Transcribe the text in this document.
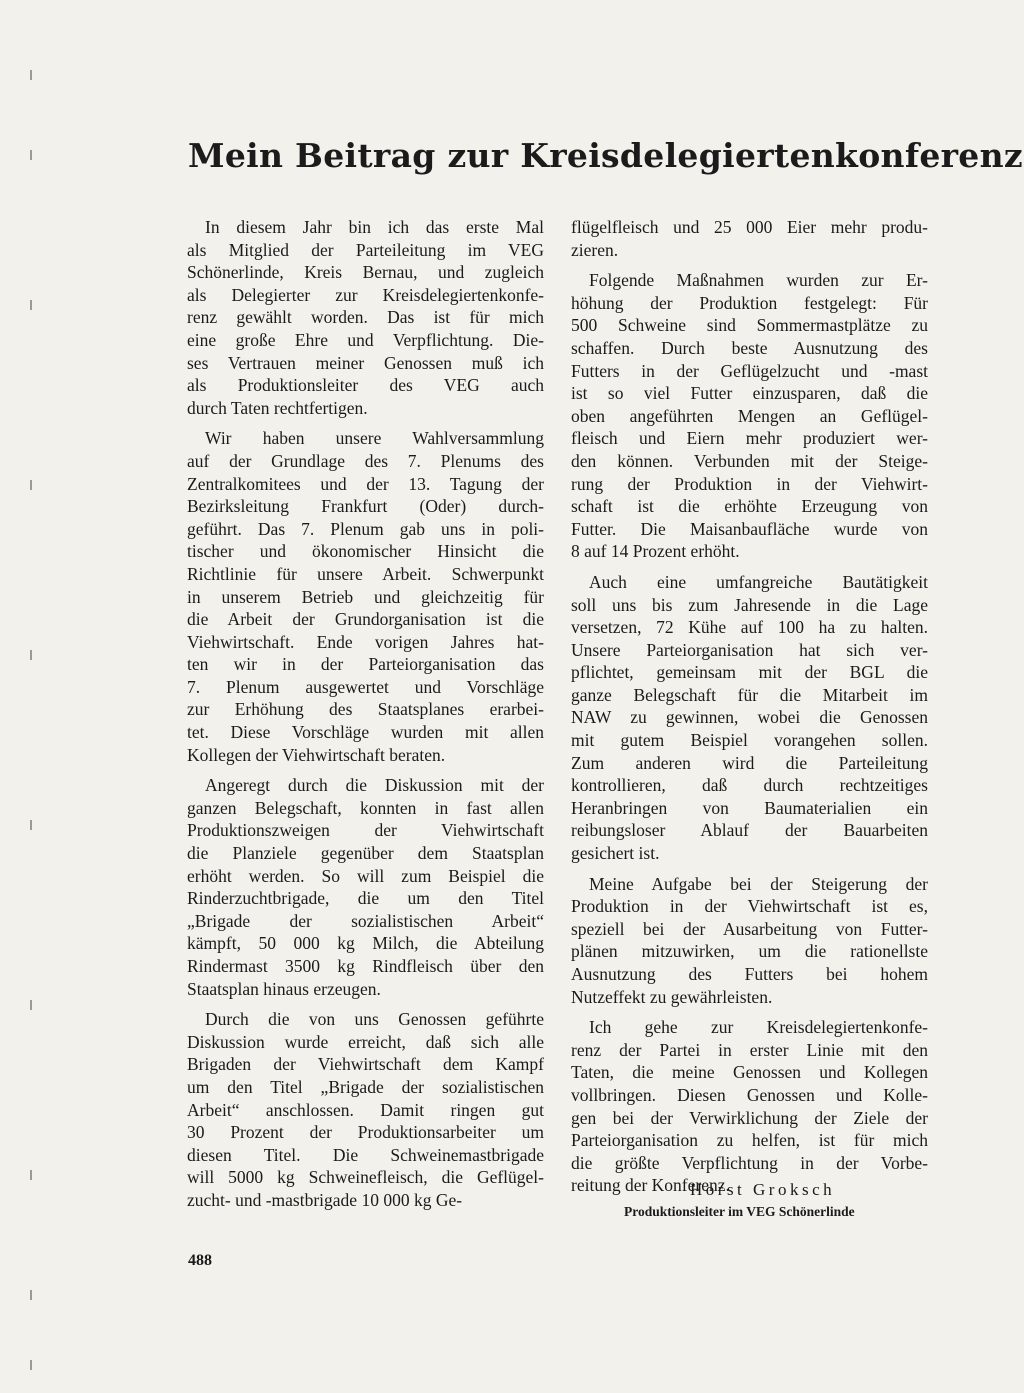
Mein Beitrag zur Kreisdelegiertenkonferenz
In diesem Jahr bin ich das erste Mal
als Mitglied der Parteileitung im VEG
Schönerlinde, Kreis Bernau, und zugleich
als Delegierter zur Kreisdelegiertenkonfe-
renz gewählt worden. Das ist für mich
eine große Ehre und Verpflichtung. Die-
ses Vertrauen meiner Genossen muß ich
als Produktionsleiter des VEG auch
durch Taten rechtfertigen.
Wir haben unsere Wahlversammlung
auf der Grundlage des 7. Plenums des
Zentralkomitees und der 13. Tagung der
Bezirksleitung Frankfurt (Oder) durch-
geführt. Das 7. Plenum gab uns in poli-
tischer und ökonomischer Hinsicht die
Richtlinie für unsere Arbeit. Schwerpunkt
in unserem Betrieb und gleichzeitig für
die Arbeit der Grundorganisation ist die
Viehwirtschaft. Ende vorigen Jahres hat-
ten wir in der Parteiorganisation das
7. Plenum ausgewertet und Vorschläge
zur Erhöhung des Staatsplanes erarbei-
tet. Diese Vorschläge wurden mit allen
Kollegen der Viehwirtschaft beraten.
Angeregt durch die Diskussion mit der
ganzen Belegschaft, konnten in fast allen
Produktionszweigen der Viehwirtschaft
die Planziele gegenüber dem Staatsplan
erhöht werden. So will zum Beispiel die
Rinderzuchtbrigade, die um den Titel
„Brigade der sozialistischen Arbeit“
kämpft, 50 000 kg Milch, die Abteilung
Rindermast 3500 kg Rindfleisch über den
Staatsplan hinaus erzeugen.
Durch die von uns Genossen geführte
Diskussion wurde erreicht, daß sich alle
Brigaden der Viehwirtschaft dem Kampf
um den Titel „Brigade der sozialistischen
Arbeit“ anschlossen. Damit ringen gut
30 Prozent der Produktionsarbeiter um
diesen Titel. Die Schweinemastbrigade
will 5000 kg Schweinefleisch, die Geflügel-
zucht- und -mastbrigade 10 000 kg Ge-
flügelfleisch und 25 000 Eier mehr produ-
zieren.
Folgende Maßnahmen wurden zur Er-
höhung der Produktion festgelegt: Für
500 Schweine sind Sommermastplätze zu
schaffen. Durch beste Ausnutzung des
Futters in der Geflügelzucht und -mast
ist so viel Futter einzusparen, daß die
oben angeführten Mengen an Geflügel-
fleisch und Eiern mehr produziert wer-
den können. Verbunden mit der Steige-
rung der Produktion in der Viehwirt-
schaft ist die erhöhte Erzeugung von
Futter. Die Maisanbaufläche wurde von
8 auf 14 Prozent erhöht.
Auch eine umfangreiche Bautätigkeit
soll uns bis zum Jahresende in die Lage
versetzen, 72 Kühe auf 100 ha zu halten.
Unsere Parteiorganisation hat sich ver-
pflichtet, gemeinsam mit der BGL die
ganze Belegschaft für die Mitarbeit im
NAW zu gewinnen, wobei die Genossen
mit gutem Beispiel vorangehen sollen.
Zum anderen wird die Parteileitung
kontrollieren, daß durch rechtzeitiges
Heranbringen von Baumaterialien ein
reibungsloser Ablauf der Bauarbeiten
gesichert ist.
Meine Aufgabe bei der Steigerung der
Produktion in der Viehwirtschaft ist es,
speziell bei der Ausarbeitung von Futter-
plänen mitzuwirken, um die rationellste
Ausnutzung des Futters bei hohem
Nutzeffekt zu gewährleisten.
Ich gehe zur Kreisdelegiertenkonfe-
renz der Partei in erster Linie mit den
Taten, die meine Genossen und Kollegen
vollbringen. Diesen Genossen und Kolle-
gen bei der Verwirklichung der Ziele der
Parteiorganisation zu helfen, ist für mich
die größte Verpflichtung in der Vorbe-
reitung der Konferenz.
Horst Groksch
Produktionsleiter im VEG Schönerlinde
488
